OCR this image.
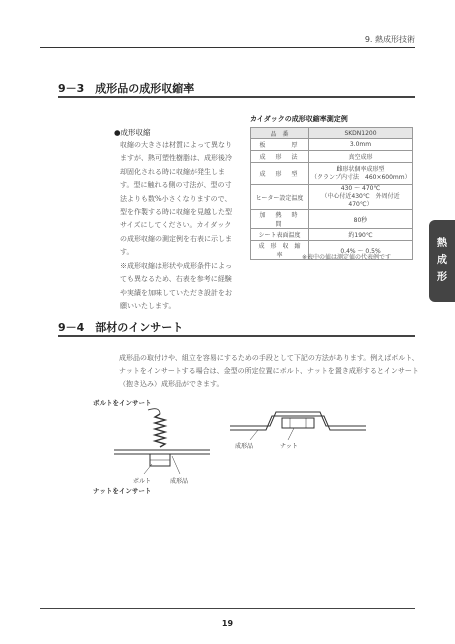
9. 熱成形技術
9－3　成形品の成形収縮率
●成形収縮
収縮の大きさは材質によって異なりますが、熱可塑性樹脂は、成形後冷却固化される時に収縮が発生します。型に触れる側の寸法が、型の寸法よりも数%小さくなりますので、型を作製する時に収縮を見越した型サイズにしてください。カイダックの成形収縮の測定例を右表に示します。
※成形収縮は形状や成形条件によっても異なるため、右表を参考に経験や実績を加味していただき設計をお願いいたします。
カイダックの成形収縮率測定例
品　番	SKDN1200
板　　　厚	3.0mm
成　形　法	真空成形
成　形　型	雌形状個率成形型
（クランプ内寸法　460×600mm）

ヒーター設定温度	430 ～ 470℃
（中心付近430℃　外周付近470℃）

加　熱　時　間	80秒
シート表面温度	約190℃
成　形　収　縮　率	0.4% ～ 0.5%
※表中の値は測定値の代表例です
9－4　部材のインサート
成形品の取付けや、組立を容易にするための手段として下記の方法があります。例えばボルト、ナットをインサートする場合は、金型の所定位置にボルト、ナットを置き成形するとインサート（抱き込み）成形品ができます。
ボルトをインサート
ボルト	成形品
ナットをインサート
成形品	ナット
熱
成
形
19
